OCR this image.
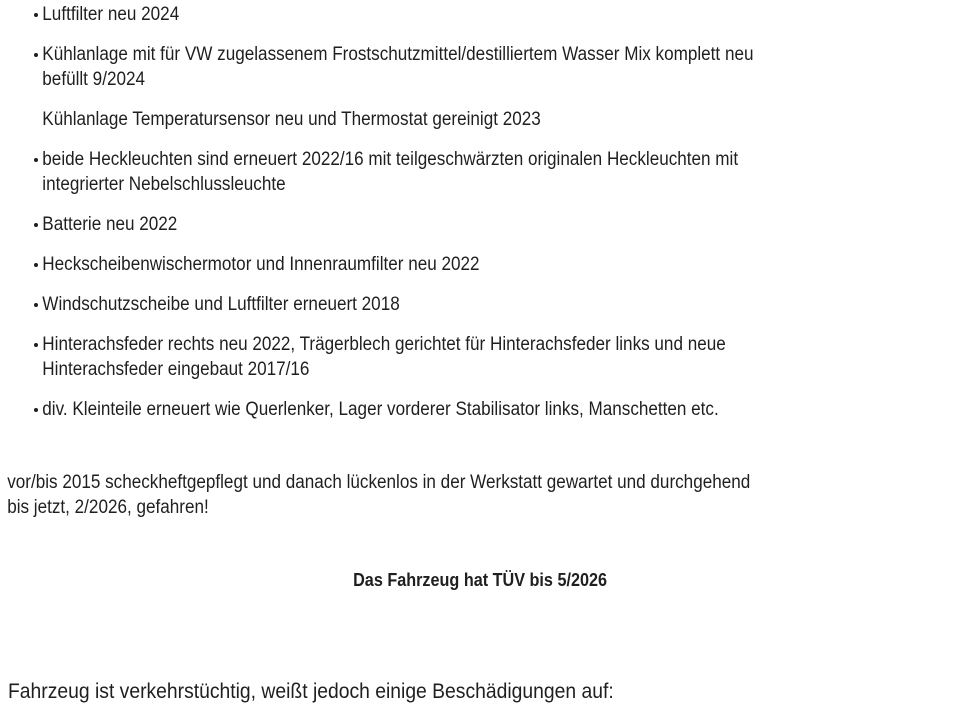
Luftfilter neu 2024
Kühlanlage mit für VW zugelassenem Frostschutzmittel/destilliertem Wasser Mix komplett neu
befüllt 9/2024
Kühlanlage Temperatursensor neu und Thermostat gereinigt 2023
beide Heckleuchten sind erneuert 2022/16 mit teilgeschwärzten originalen Heckleuchten mit
integrierter Nebelschlussleuchte
Batterie neu 2022
Heckscheibenwischermotor und Innenraumfilter neu 2022
Windschutzscheibe und Luftfilter erneuert 2018
Hinterachsfeder rechts neu 2022, Trägerblech gerichtet für Hinterachsfeder links und neue
Hinterachsfeder eingebaut 2017/16
div. Kleinteile erneuert wie Querlenker, Lager vorderer Stabilisator links, Manschetten etc.
vor/bis 2015 scheckheftgepflegt und danach lückenlos in der Werkstatt gewartet und durchgehend
bis jetzt, 2/2026, gefahren!
Das Fahrzeug hat TÜV bis 5/2026
Fahrzeug ist verkehrstüchtig, weißt jedoch einige Beschädigungen auf:
